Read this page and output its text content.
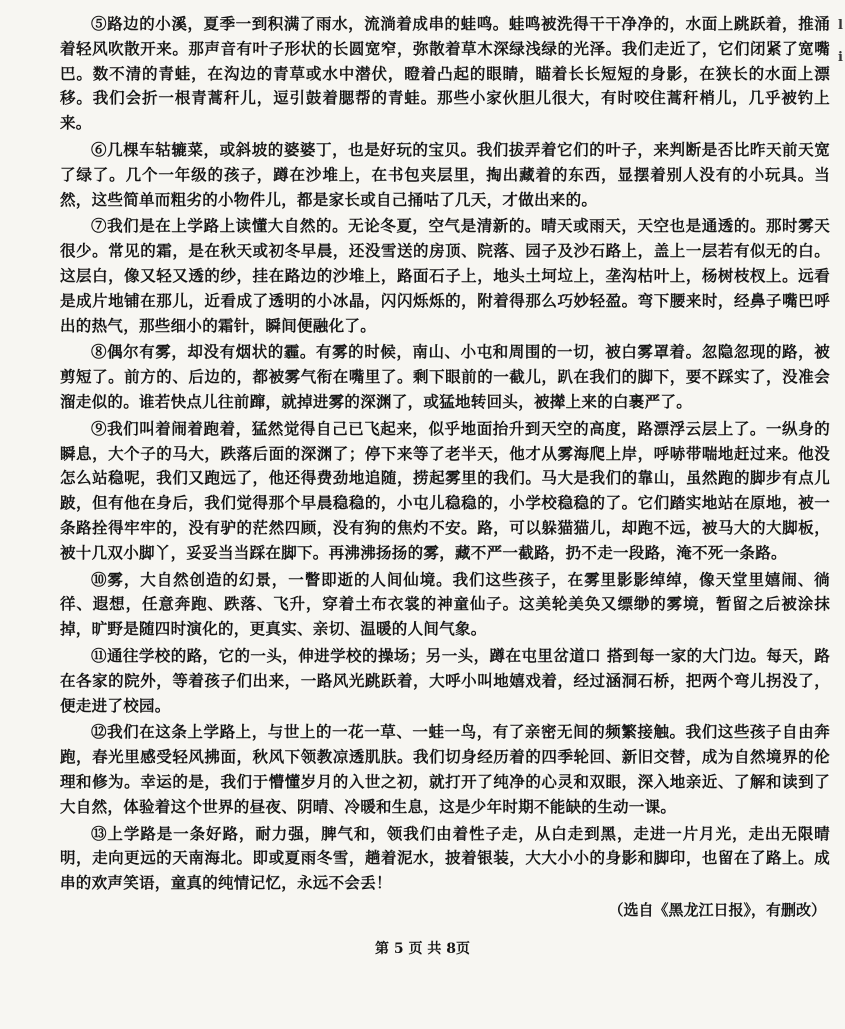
l
i

⑤路边的小溪，夏季一到积满了雨水，流淌着成串的蛙鸣。蛙鸣被洗得干干净净的，水面上跳跃着，推涌着轻风吹散开来。那声音有叶子形状的长圆宽窄，弥散着草木深绿浅绿的光泽。我们走近了，它们闭紧了宽嘴巴。数不清的青蛙，在沟边的青草或水中潜伏，瞪着凸起的眼睛，瞄着长长短短的身影，在狭长的水面上漂移。我们会折一根青蒿秆儿，逗引鼓着腮帮的青蛙。那些小家伙胆儿很大，有时咬住蒿秆梢儿，几乎被钓上来。

⑥几棵车轱辘菜，或斜坡的婆婆丁，也是好玩的宝贝。我们拔弄着它们的叶子，来判断是否比昨天前天宽了绿了。几个一年级的孩子，蹲在沙堆上，在书包夹层里，掏出藏着的东西，显摆着别人没有的小玩具。当然，这些简单而粗劣的小物件儿，都是家长或自己捅咕了几天，才做出来的。

⑦我们是在上学路上读懂大自然的。无论冬夏，空气是清新的。晴天或雨天，天空也是通透的。那时雾天很少。常见的霜，是在秋天或初冬早晨，还没雪送的房顶、院落、园子及沙石路上，盖上一层若有似无的白。这层白，像又轻又透的纱，挂在路边的沙堆上，路面石子上，地头土坷垃上，垄沟枯叶上，杨树枝杈上。远看是成片地铺在那儿，近看成了透明的小冰晶，闪闪烁烁的，附着得那么巧妙轻盈。弯下腰来时，经鼻子嘴巴呼出的热气，那些细小的霜针，瞬间便融化了。

⑧偶尔有雾，却没有烟状的霾。有雾的时候，南山、小屯和周围的一切，被白雾罩着。忽隐忽现的路，被剪短了。前方的、后边的，都被雾气衔在嘴里了。剩下眼前的一截儿，趴在我们的脚下，要不踩实了，没准会溜走似的。谁若快点儿往前蹿，就掉进雾的深渊了，或猛地转回头，被撵上来的白裹严了。

⑨我们叫着闹着跑着，猛然觉得自己已飞起来，似乎地面抬升到天空的高度，路漂浮云层上了。一纵身的瞬息，大个子的马大，跌落后面的深渊了；停下来等了老半天，他才从雾海爬上岸，呼哧带喘地赶过来。他没怎么站稳呢，我们又跑远了，他还得费劲地追随，捞起雾里的我们。马大是我们的靠山，虽然跑的脚步有点儿跛，但有他在身后，我们觉得那个早晨稳稳的，小屯儿稳稳的，小学校稳稳的了。它们踏实地站在原地，被一条路拴得牢牢的，没有驴的茫然四顾，没有狗的焦灼不安。路，可以躲猫猫儿，却跑不远，被马大的大脚板，被十几双小脚丫，妥妥当当踩在脚下。再沸沸扬扬的雾，藏不严一截路，扔不走一段路，淹不死一条路。

⑩雾，大自然创造的幻景，一瞥即逝的人间仙境。我们这些孩子，在雾里影影绰绰，像天堂里嬉闹、徜徉、遐想，任意奔跑、跌落、飞升，穿着土布衣裳的神童仙子。这美轮美奂又缥缈的雾境，暂留之后被涂抹掉，旷野是随四时演化的，更真实、亲切、温暖的人间气象。

⑪通往学校的路，它的一头，伸进学校的操场；另一头，蹲在屯里岔道口 搭到每一家的大门边。每天，路在各家的院外，等着孩子们出来，一路风光跳跃着，大呼小叫地嬉戏着，经过涵洞石桥，把两个弯儿拐没了，便走进了校园。

⑫我们在这条上学路上，与世上的一花一草、一蛙一鸟，有了亲密无间的频繁接触。我们这些孩子自由奔跑，春光里感受轻风拂面，秋风下领教凉透肌肤。我们切身经历着的四季轮回、新旧交替，成为自然境界的伦理和修为。幸运的是，我们于懵懂岁月的入世之初，就打开了纯净的心灵和双眼，深入地亲近、了解和读到了大自然，体验着这个世界的昼夜、阴晴、冷暖和生息，这是少年时期不能缺的生动一课。

⑬上学路是一条好路，耐力强，脾气和，领我们由着性子走，从白走到黑，走进一片月光，走出无限晴明，走向更远的天南海北。即或夏雨冬雪，趟着泥水，披着银装，大大小小的身影和脚印，也留在了路上。成串的欢声笑语，童真的纯情记忆，永远不会丢！

（选自《黑龙江日报》，有删改）
第 5 页 共 8页
